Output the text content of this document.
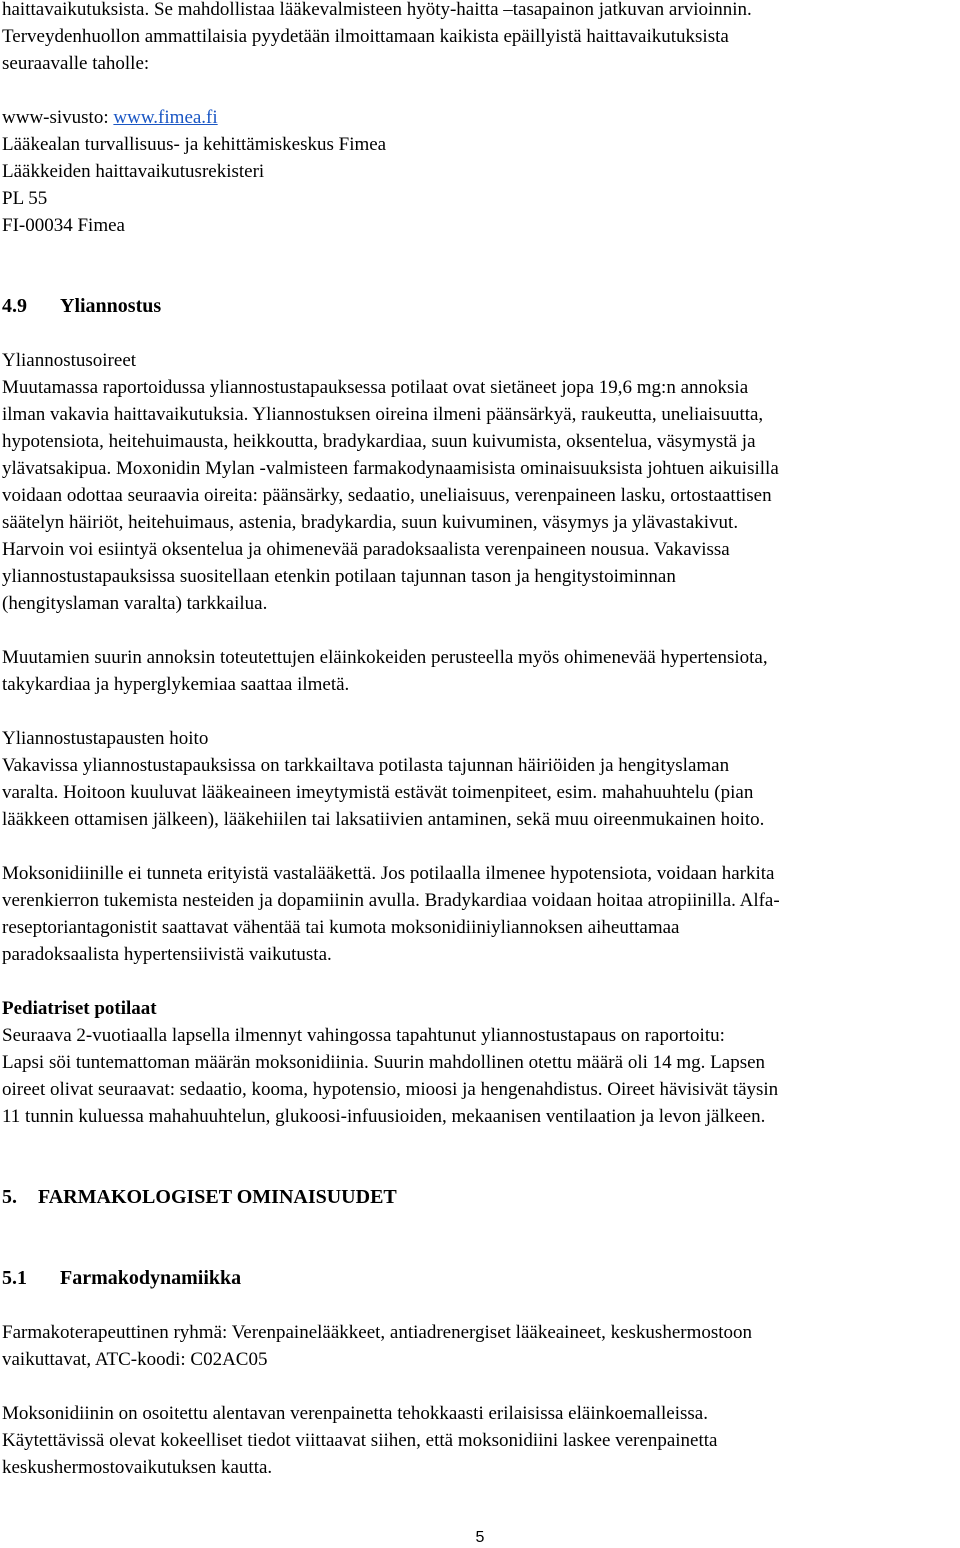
haittavaikutuksista. Se mahdollistaa lääkevalmisteen hyöty-haitta –tasapainon jatkuvan arvioinnin.

Terveydenhuollon ammattilaisia pyydetään ilmoittamaan kaikista epäillyistä haittavaikutuksista

seuraavalle taholle:

www-sivusto: www.fimea.fi

Lääkealan turvallisuus- ja kehittämiskeskus Fimea

Lääkkeiden haittavaikutusrekisteri

PL 55

FI-00034 Fimea

4.9 Yliannostus

Yliannostusoireet

Muutamassa raportoidussa yliannostustapauksessa potilaat ovat sietäneet jopa 19,6 mg:n annoksia

ilman vakavia haittavaikutuksia. Yliannostuksen oireina ilmeni päänsärkyä, raukeutta, uneliaisuutta,

hypotensiota, heitehuimausta, heikkoutta, bradykardiaa, suun kuivumista, oksentelua, väsymystä ja

ylävatsakipua. Moxonidin Mylan -valmisteen farmakodynaamisista ominaisuuksista johtuen aikuisilla

voidaan odottaa seuraavia oireita: päänsärky, sedaatio, uneliaisuus, verenpaineen lasku, ortostaattisen

säätelyn häiriöt, heitehuimaus, astenia, bradykardia, suun kuivuminen, väsymys ja ylävastakivut.

Harvoin voi esiintyä oksentelua ja ohimenevää paradoksaalista verenpaineen nousua. Vakavissa

yliannostustapauksissa suositellaan etenkin potilaan tajunnan tason ja hengitystoiminnan

(hengityslaman varalta) tarkkailua.

Muutamien suurin annoksin toteutettujen eläinkokeiden perusteella myös ohimenevää hypertensiota,

takykardiaa ja hyperglykemiaa saattaa ilmetä.

Yliannostustapausten hoito

Vakavissa yliannostustapauksissa on tarkkailtava potilasta tajunnan häiriöiden ja hengityslaman

varalta. Hoitoon kuuluvat lääkeaineen imeytymistä estävät toimenpiteet, esim. mahahuuhtelu (pian

lääkkeen ottamisen jälkeen), lääkehiilen tai laksatiivien antaminen, sekä muu oireenmukainen hoito.

Moksonidiinille ei tunneta erityistä vastalääkettä. Jos potilaalla ilmenee hypotensiota, voidaan harkita

verenkierron tukemista nesteiden ja dopamiinin avulla. Bradykardiaa voidaan hoitaa atropiinilla. Alfa-

reseptoriantagonistit saattavat vähentää tai kumota moksonidiiniyliannoksen aiheuttamaa

paradoksaalista hypertensiivistä vaikutusta.

Pediatriset potilaat

Seuraava 2-vuotiaalla lapsella ilmennyt vahingossa tapahtunut yliannostustapaus on raportoitu:

Lapsi söi tuntemattoman määrän moksonidiinia. Suurin mahdollinen otettu määrä oli 14 mg. Lapsen

oireet olivat seuraavat: sedaatio, kooma, hypotensio, mioosi ja hengenahdistus. Oireet hävisivät täysin

11 tunnin kuluessa mahahuuhtelun, glukoosi-infuusioiden, mekaanisen ventilaation ja levon jälkeen.

5. FARMAKOLOGISET OMINAISUUDET

5.1 Farmakodynamiikka

Farmakoterapeuttinen ryhmä: Verenpainelääkkeet, antiadrenergiset lääkeaineet, keskushermostoon

vaikuttavat, ATC-koodi: C02AC05

Moksonidiinin on osoitettu alentavan verenpainetta tehokkaasti erilaisissa eläinkoemalleissa.

Käytettävissä olevat kokeelliset tiedot viittaavat siihen, että moksonidiini laskee verenpainetta

keskushermostovaikutuksen kautta.

5
